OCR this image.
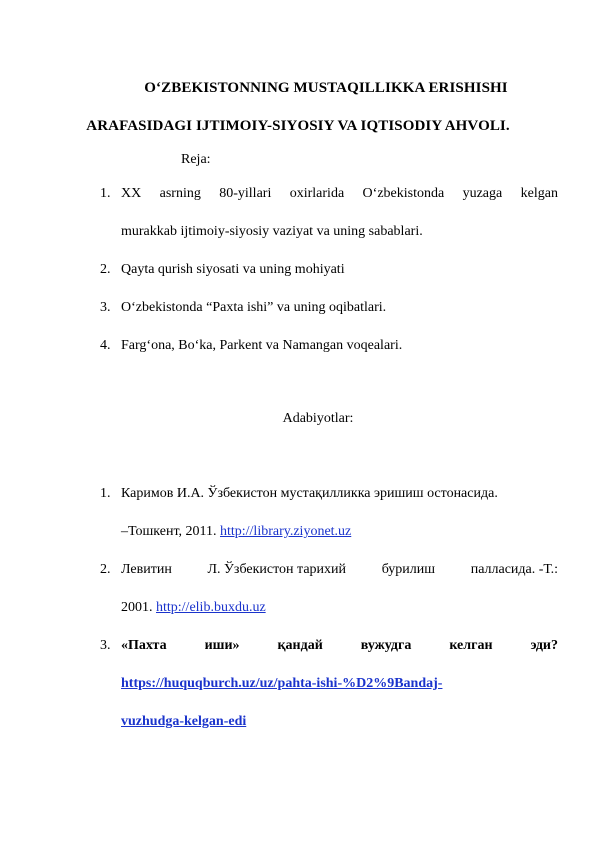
O‘ZBEKISTONNING MUSTAQILLIKKA ERISHISHI
ARAFASIDAGI IJTIMOIY-SIYOSIY VA IQTISODIY AHVOLI.
Reja:
1. XX asrning 80-yillari oxirlarida O‘zbekistonda yuzaga kelgan
murakkab ijtimoiy-siyosiy vaziyat va uning sabablari.
2. Qayta qurish siyosati va uning mohiyati
3. O‘zbekistonda “Paxta ishi” va uning oqibatlari.
4. Farg‘ona, Bo‘ka, Parkent va Namangan voqealari.
Adabiyotlar:
1. Каримов И.А. Ўзбекистон мустақилликка эришиш остонасида.
–Тошкент, 2011. http://library.ziyonet.uz
2. Левитин	Л. Ўзбекистон тарихий	бурилиш	палласида. -Т.:
2001. http://elib.buxdu.uz
3. «Пахта	иши»	қандай	вужудга	келган	эди?
https://huquqburch.uz/uz/pahta-ishi-%D2%9Bandaj-
vuzhudga-kelgan-edi
